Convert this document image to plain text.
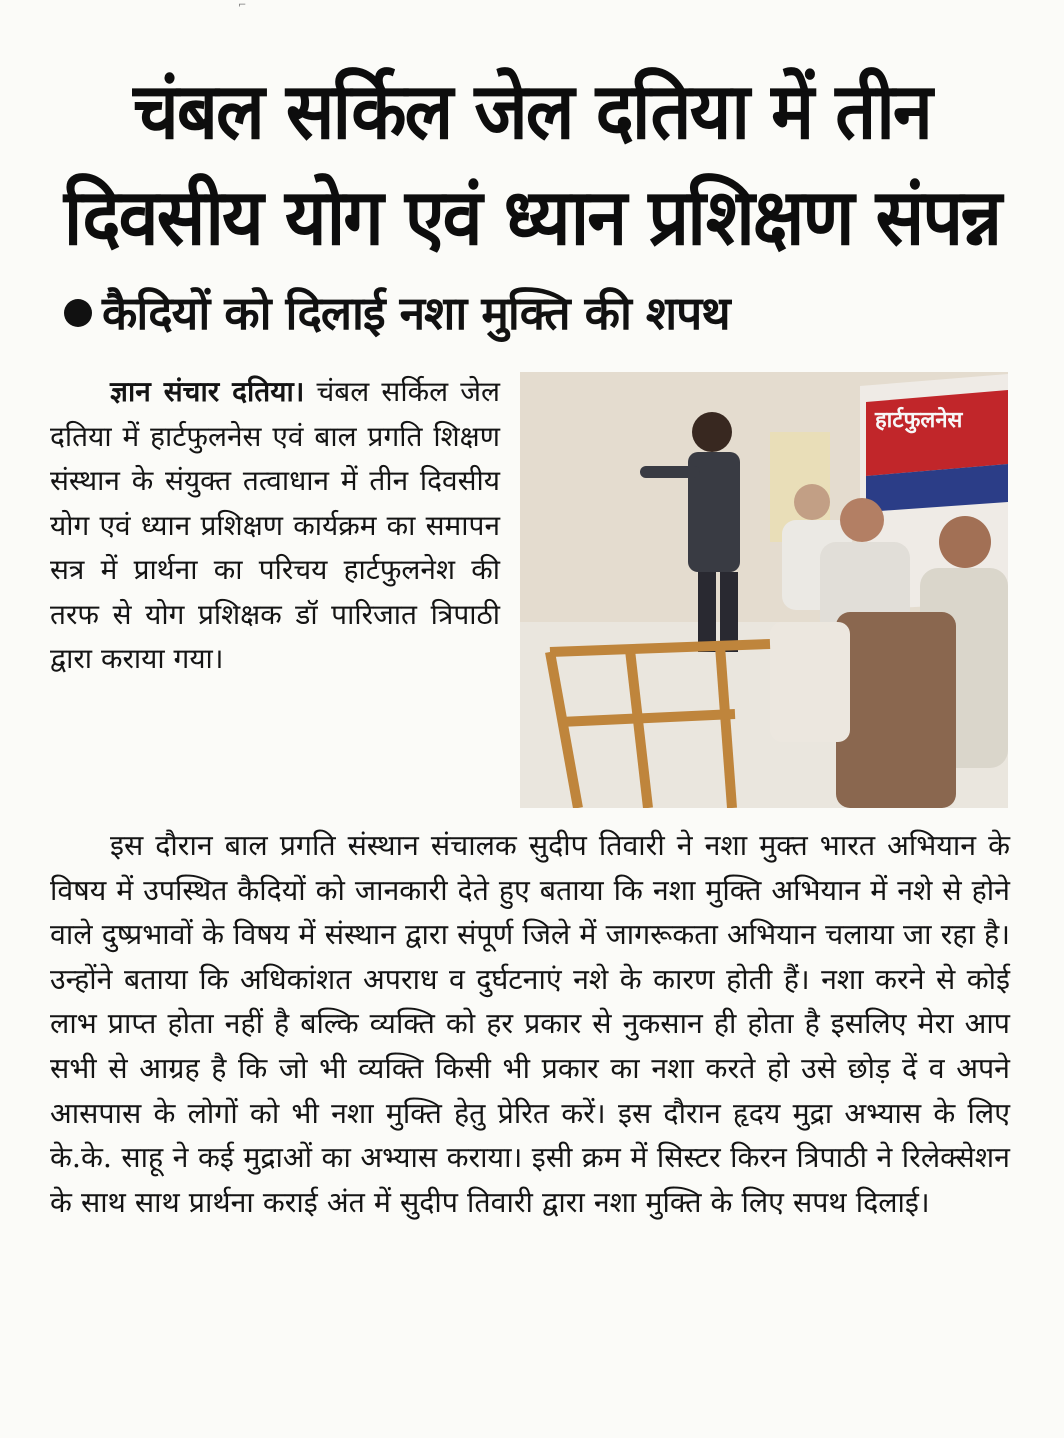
⌐
चंबल सर्किल जेल दतिया में तीन
दिवसीय योग एवं ध्यान प्रशिक्षण संपन्न
कैदियों को दिलाई नशा मुक्ति की शपथ

ज्ञान संचार दतिया। चंबल सर्किल जेल दतिया में हार्टफुलनेस एवं बाल प्रगति शिक्षण संस्थान के संयुक्त तत्वाधान में तीन दिवसीय योग एवं ध्यान प्रशिक्षण कार्यक्रम का समापन सत्र में प्रार्थना का परिचय हार्टफुलनेश की तरफ से योग प्रशिक्षक डॉ पारिजात त्रिपाठी द्वारा कराया गया।

हार्टफुलनेस

इस दौरान बाल प्रगति संस्थान संचालक सुदीप तिवारी ने नशा मुक्त भारत अभियान के विषय में उपस्थित कैदियों को जानकारी देते हुए बताया कि नशा मुक्ति अभियान में नशे से होने वाले दुष्प्रभावों के विषय में संस्थान द्वारा संपूर्ण जिले में जागरूकता अभियान चलाया जा रहा है। उन्होंने बताया कि अधिकांशत अपराध व दुर्घटनाएं नशे के कारण होती हैं। नशा करने से कोई लाभ प्राप्त होता नहीं है बल्कि व्यक्ति को हर प्रकार से नुकसान ही होता है इसलिए मेरा आप सभी से आग्रह है कि जो भी व्यक्ति किसी भी प्रकार का नशा करते हो उसे छोड़ दें व अपने आसपास के लोगों को भी नशा मुक्ति हेतु प्रेरित करें। इस दौरान हृदय मुद्रा अभ्यास के लिए के.के. साहू ने कई मुद्राओं का अभ्यास कराया। इसी क्रम में सिस्टर किरन त्रिपाठी ने रिलेक्सेशन के साथ साथ प्रार्थना कराई अंत में सुदीप तिवारी द्वारा नशा मुक्ति के लिए सपथ दिलाई।
